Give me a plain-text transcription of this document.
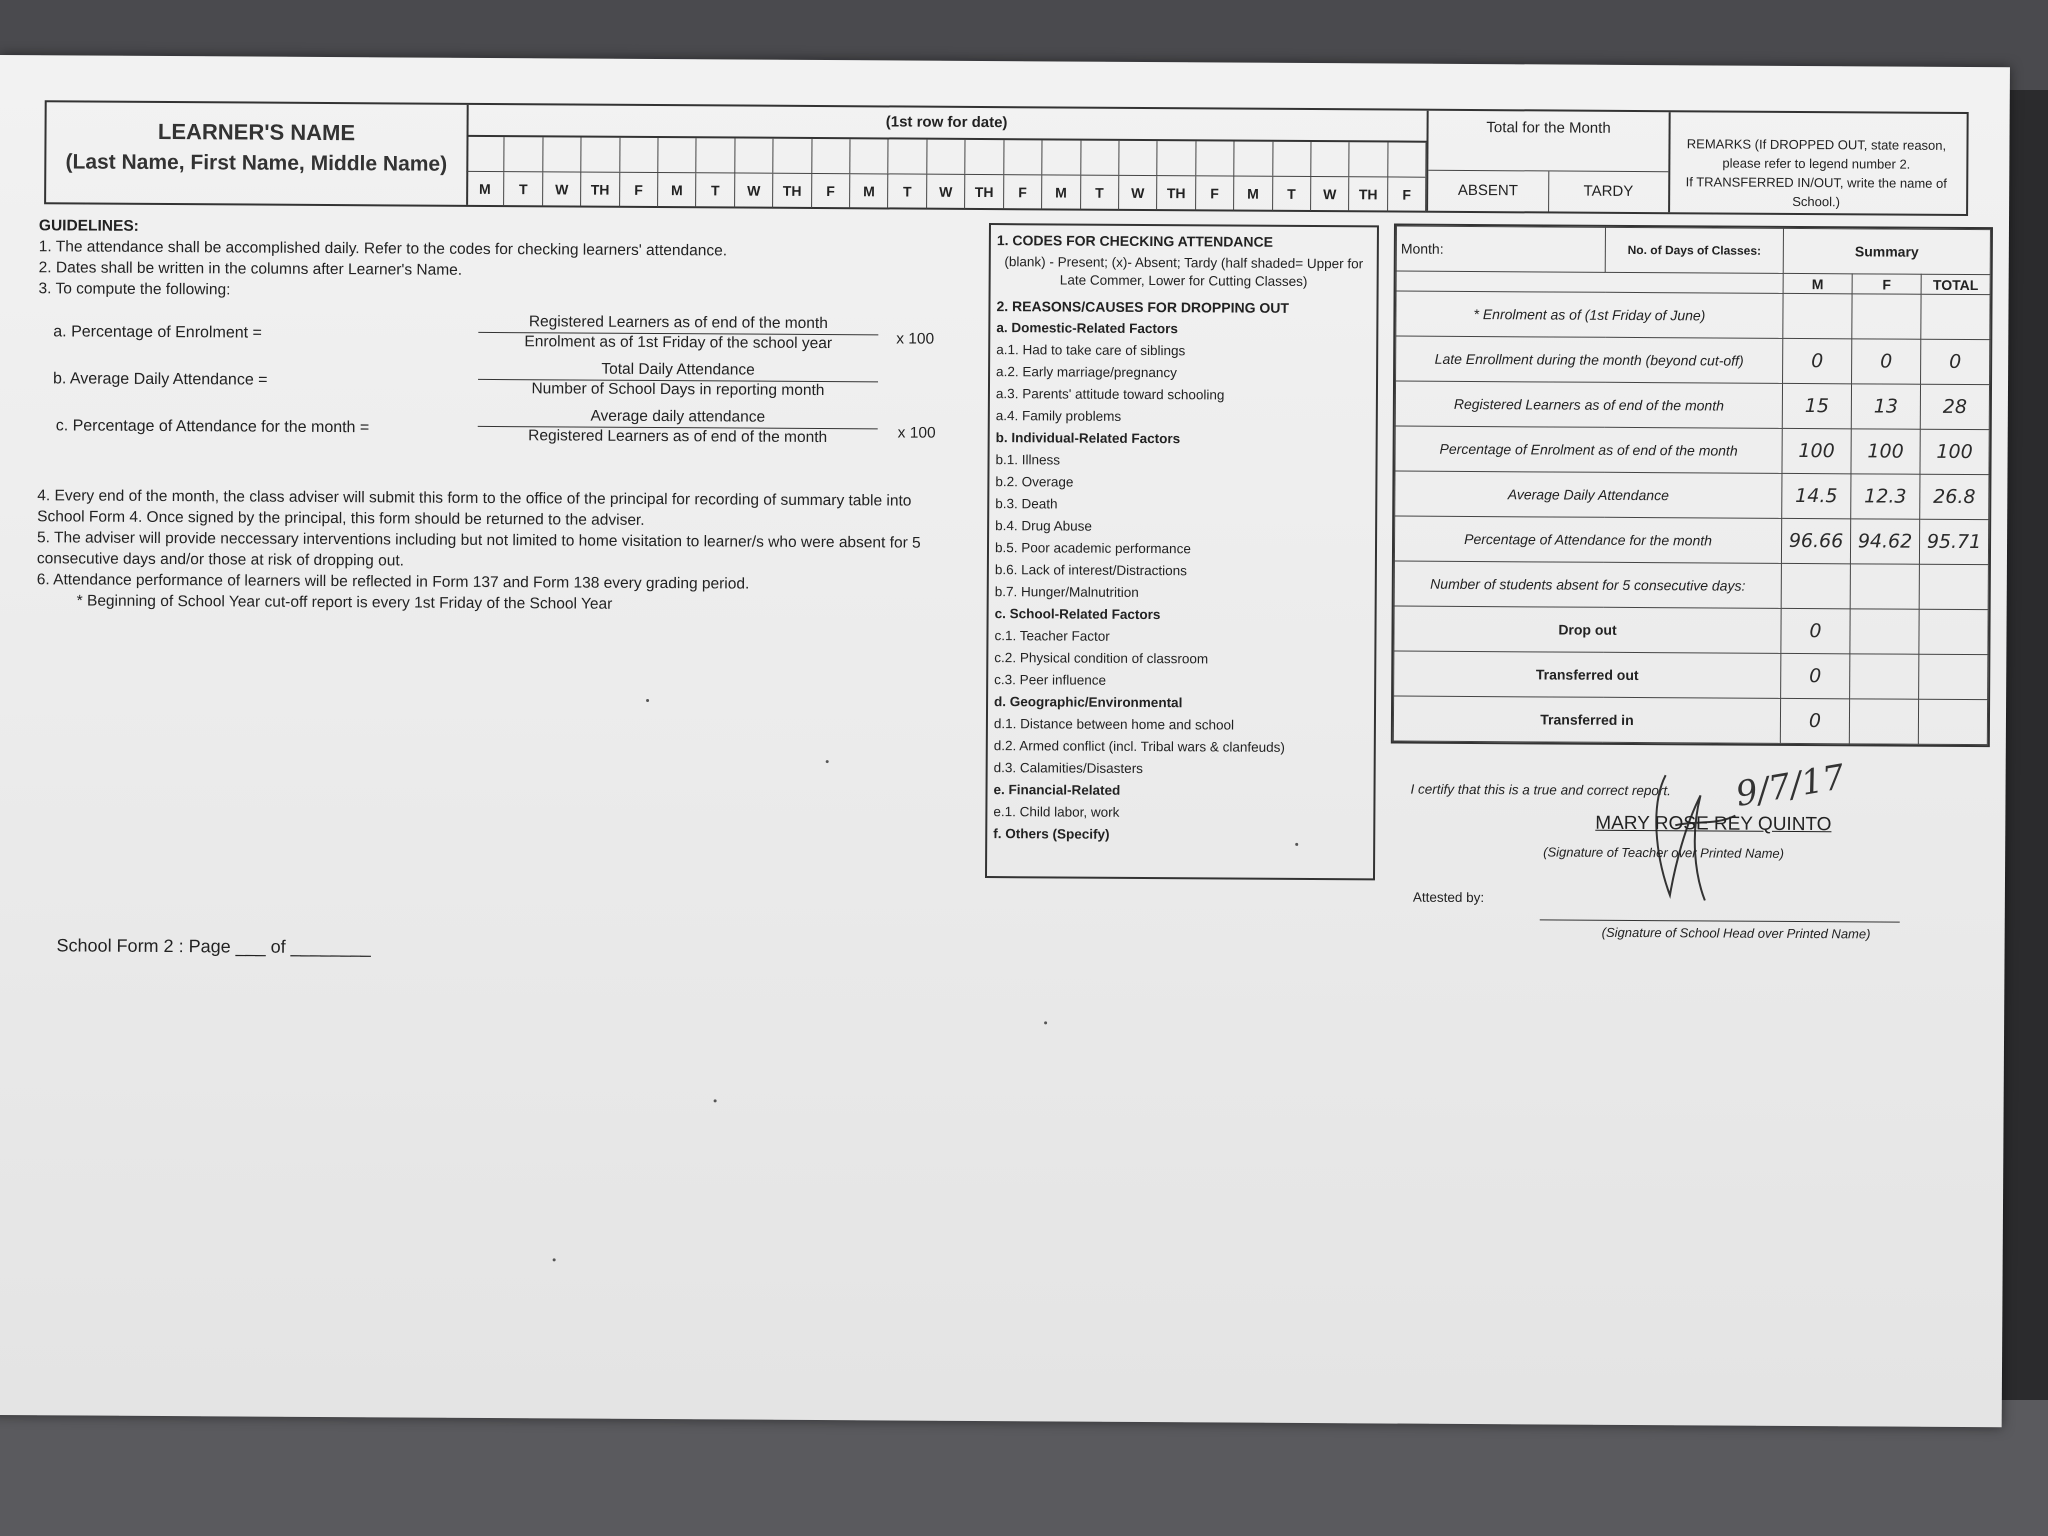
LEARNER'S NAME
(Last Name, First Name, Middle Name)
(1st row for date)
M	T	W	TH	F	M	T	W	TH	F	M	T	W	TH	F	M	T	W	TH	F	M	T	W	TH	F
Total for the Month
ABSENT	TARDY
REMARKS (If DROPPED OUT, state reason, please refer to legend number 2.
If TRANSFERRED IN/OUT, write the name of School.)
GUIDELINES:
1. The attendance shall be accomplished daily. Refer to the codes for checking learners' attendance.
2. Dates shall be written in the columns after Learner's Name.
3. To compute the following:
a. Percentage of Enrolment =
Registered Learners as of end of the month
Enrolment as of 1st Friday of the school year	x 100
b. Average Daily Attendance =
Total Daily Attendance
Number of School Days in reporting month
c. Percentage of Attendance for the month =
Average daily attendance
Registered Learners as of end of the month	x 100
4. Every end of the month, the class adviser will submit this form to the office of the principal for recording of summary table into School Form 4. Once signed by the principal, this form should be returned to the adviser.
5. The adviser will provide neccessary interventions including but not limited to home visitation to learner/s who were absent for 5 consecutive days and/or those at risk of dropping out.
6. Attendance performance of learners will be reflected in Form 137 and Form 138 every grading period.
* Beginning of School Year cut-off report is every 1st Friday of the School Year
1. CODES FOR CHECKING ATTENDANCE
(blank) - Present; (x)- Absent; Tardy (half shaded= Upper for Late Commer, Lower for Cutting Classes)
2. REASONS/CAUSES FOR DROPPING OUT
a. Domestic-Related Factors
a.1. Had to take care of siblings
a.2. Early marriage/pregnancy
a.3. Parents' attitude toward schooling
a.4. Family problems
b. Individual-Related Factors
b.1. Illness
b.2. Overage
b.3. Death
b.4. Drug Abuse
b.5. Poor academic performance
b.6. Lack of interest/Distractions
b.7. Hunger/Malnutrition
c. School-Related Factors
c.1. Teacher Factor
c.2. Physical condition of classroom
c.3. Peer influence
d. Geographic/Environmental
d.1. Distance between home and school
d.2. Armed conflict (incl. Tribal wars & clanfeuds)
d.3. Calamities/Disasters
e. Financial-Related
e.1. Child labor, work
f. Others (Specify)
Month:	No. of Days of Classes:	Summary		
		M	F	TOTAL
* Enrolment as of (1st Friday of June)				
Late Enrollment during the month (beyond cut-off)		0	0	0
Registered Learners as of end of the month		15	13	28
Percentage of Enrolment as of end of the month		100	100	100
Average Daily Attendance		14.5	12.3	26.8
Percentage of Attendance for the month		96.66	94.62	95.71
Number of students absent for 5 consecutive days:				
Drop out		0		
Transferred out		0		
Transferred in		0		
I certify that this is a true and correct report. 9/7/17
MARY ROSE REY QUINTO
(Signature of Teacher over Printed Name)
Attested by:
(Signature of School Head over Printed Name)
School Form 2 : Page ___ of ________
